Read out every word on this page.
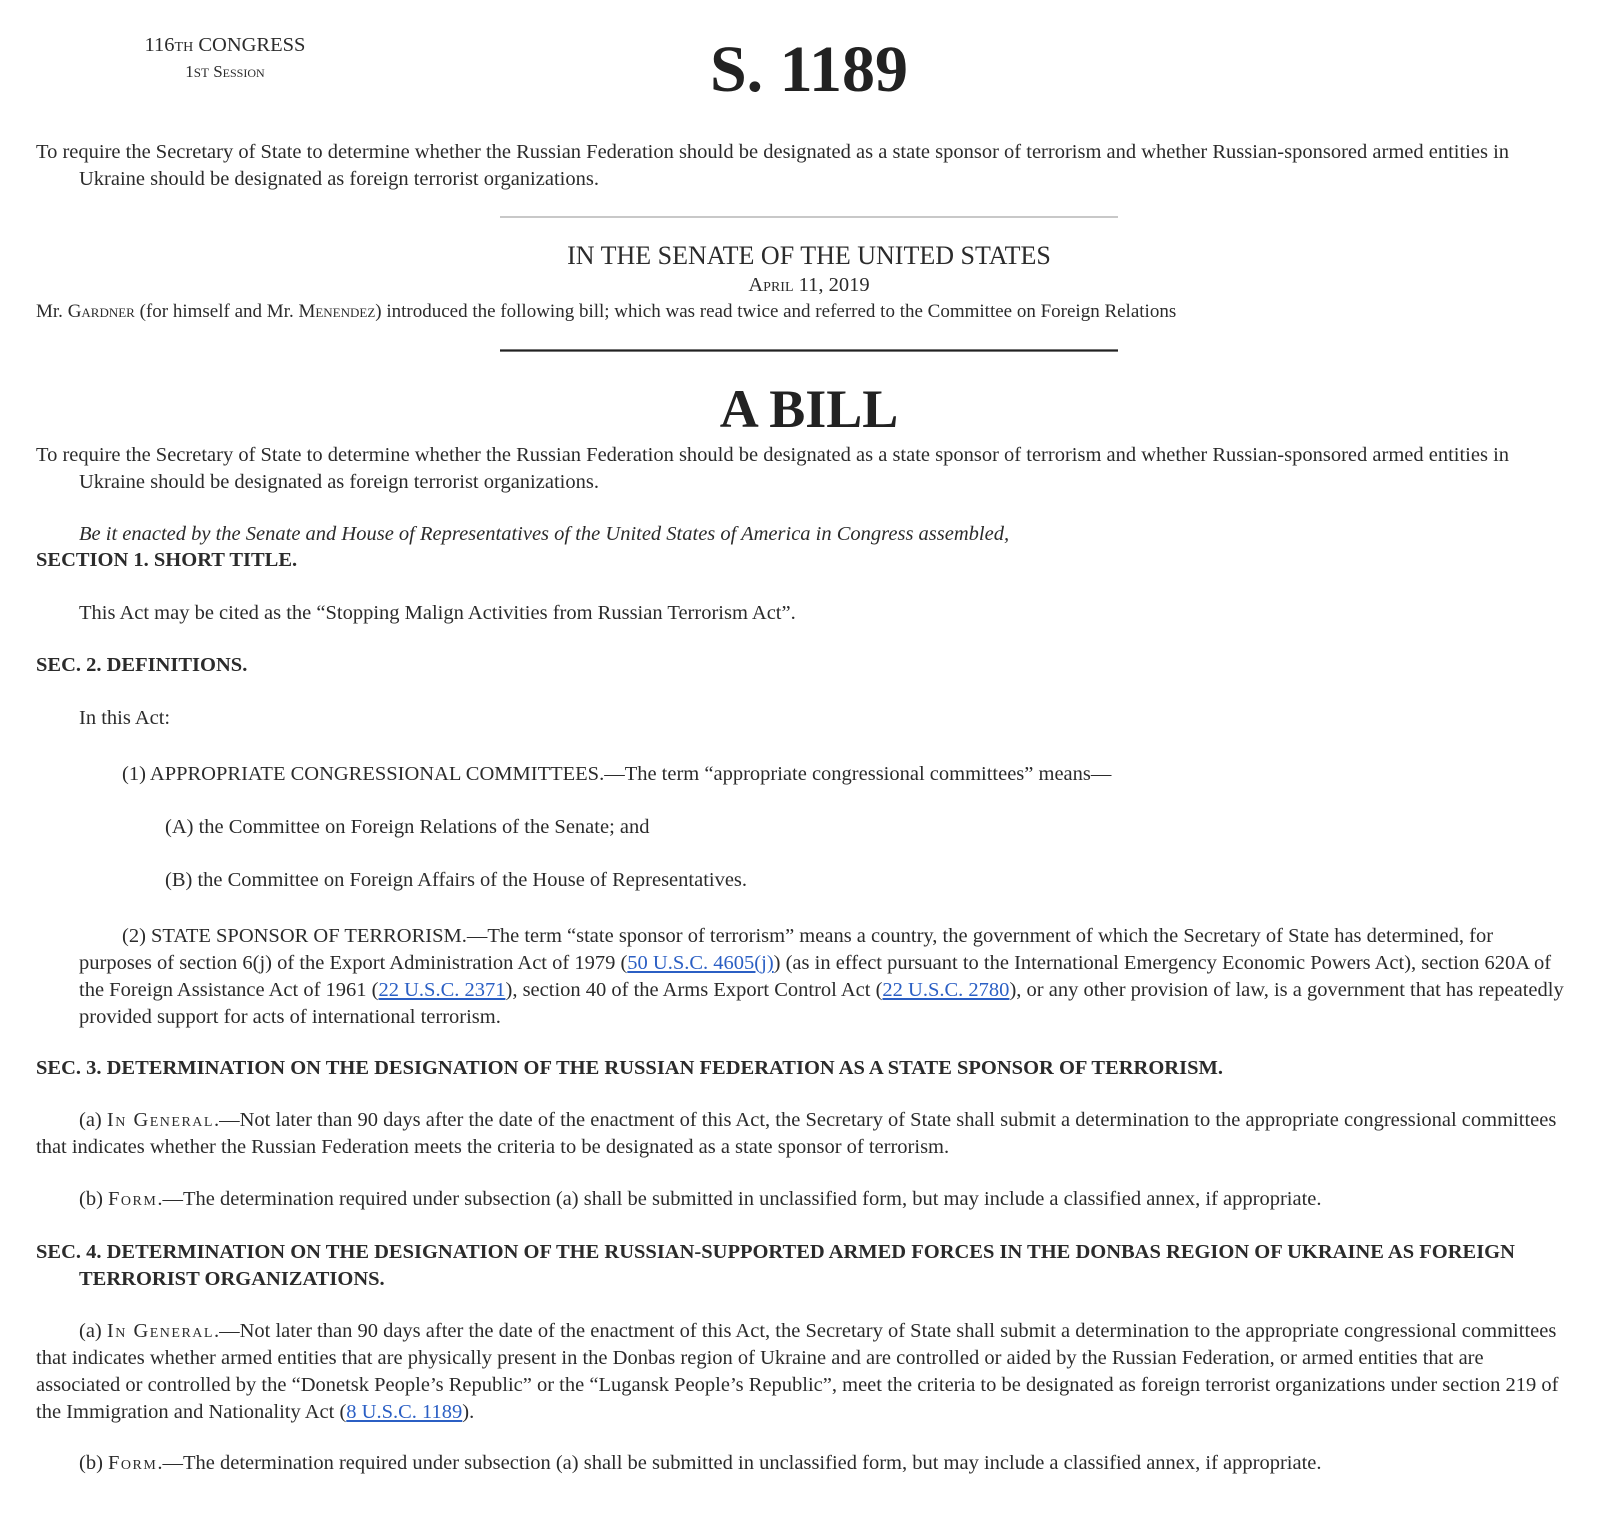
116TH CONGRESS
1ST Session	S. 1189

To require the Secretary of State to determine whether the Russian Federation should be designated as a state sponsor of terrorism and whether Russian-sponsored armed entities in Ukraine should be designated as foreign terrorist organizations.

IN THE SENATE OF THE UNITED STATES
April 11, 2019

Mr. Gardner (for himself and Mr. Menendez) introduced the following bill; which was read twice and referred to the Committee on Foreign Relations

A BILL

To require the Secretary of State to determine whether the Russian Federation should be designated as a state sponsor of terrorism and whether Russian-sponsored armed entities in Ukraine should be designated as foreign terrorist organizations.

Be it enacted by the Senate and House of Representatives of the United States of America in Congress assembled,

SECTION 1. SHORT TITLE.

This Act may be cited as the “Stopping Malign Activities from Russian Terrorism Act”.

SEC. 2. DEFINITIONS.

In this Act:

(1) APPROPRIATE CONGRESSIONAL COMMITTEES.—The term “appropriate congressional committees” means—

(A) the Committee on Foreign Relations of the Senate; and

(B) the Committee on Foreign Affairs of the House of Representatives.

(2) STATE SPONSOR OF TERRORISM.—The term “state sponsor of terrorism” means a country, the government of which the Secretary of State has determined, for purposes of section 6(j) of the Export Administration Act of 1979 (50 U.S.C. 4605(j)) (as in effect pursuant to the International Emergency Economic Powers Act), section 620A of the Foreign Assistance Act of 1961 (22 U.S.C. 2371), section 40 of the Arms Export Control Act (22 U.S.C. 2780), or any other provision of law, is a government that has repeatedly provided support for acts of international terrorism.

SEC. 3. DETERMINATION ON THE DESIGNATION OF THE RUSSIAN FEDERATION AS A STATE SPONSOR OF TERRORISM.

(a) In General.—Not later than 90 days after the date of the enactment of this Act, the Secretary of State shall submit a determination to the appropriate congressional committees that indicates whether the Russian Federation meets the criteria to be designated as a state sponsor of terrorism.

(b) Form.—The determination required under subsection (a) shall be submitted in unclassified form, but may include a classified annex, if appropriate.

SEC. 4. DETERMINATION ON THE DESIGNATION OF THE RUSSIAN-SUPPORTED ARMED FORCES IN THE DONBAS REGION OF UKRAINE AS FOREIGN TERRORIST ORGANIZATIONS.

(a) In General.—Not later than 90 days after the date of the enactment of this Act, the Secretary of State shall submit a determination to the appropriate congressional committees that indicates whether armed entities that are physically present in the Donbas region of Ukraine and are controlled or aided by the Russian Federation, or armed entities that are associated or controlled by the “Donetsk People’s Republic” or the “Lugansk People’s Republic”, meet the criteria to be designated as foreign terrorist organizations under section 219 of the Immigration and Nationality Act (8 U.S.C. 1189).

(b) Form.—The determination required under subsection (a) shall be submitted in unclassified form, but may include a classified annex, if appropriate.
